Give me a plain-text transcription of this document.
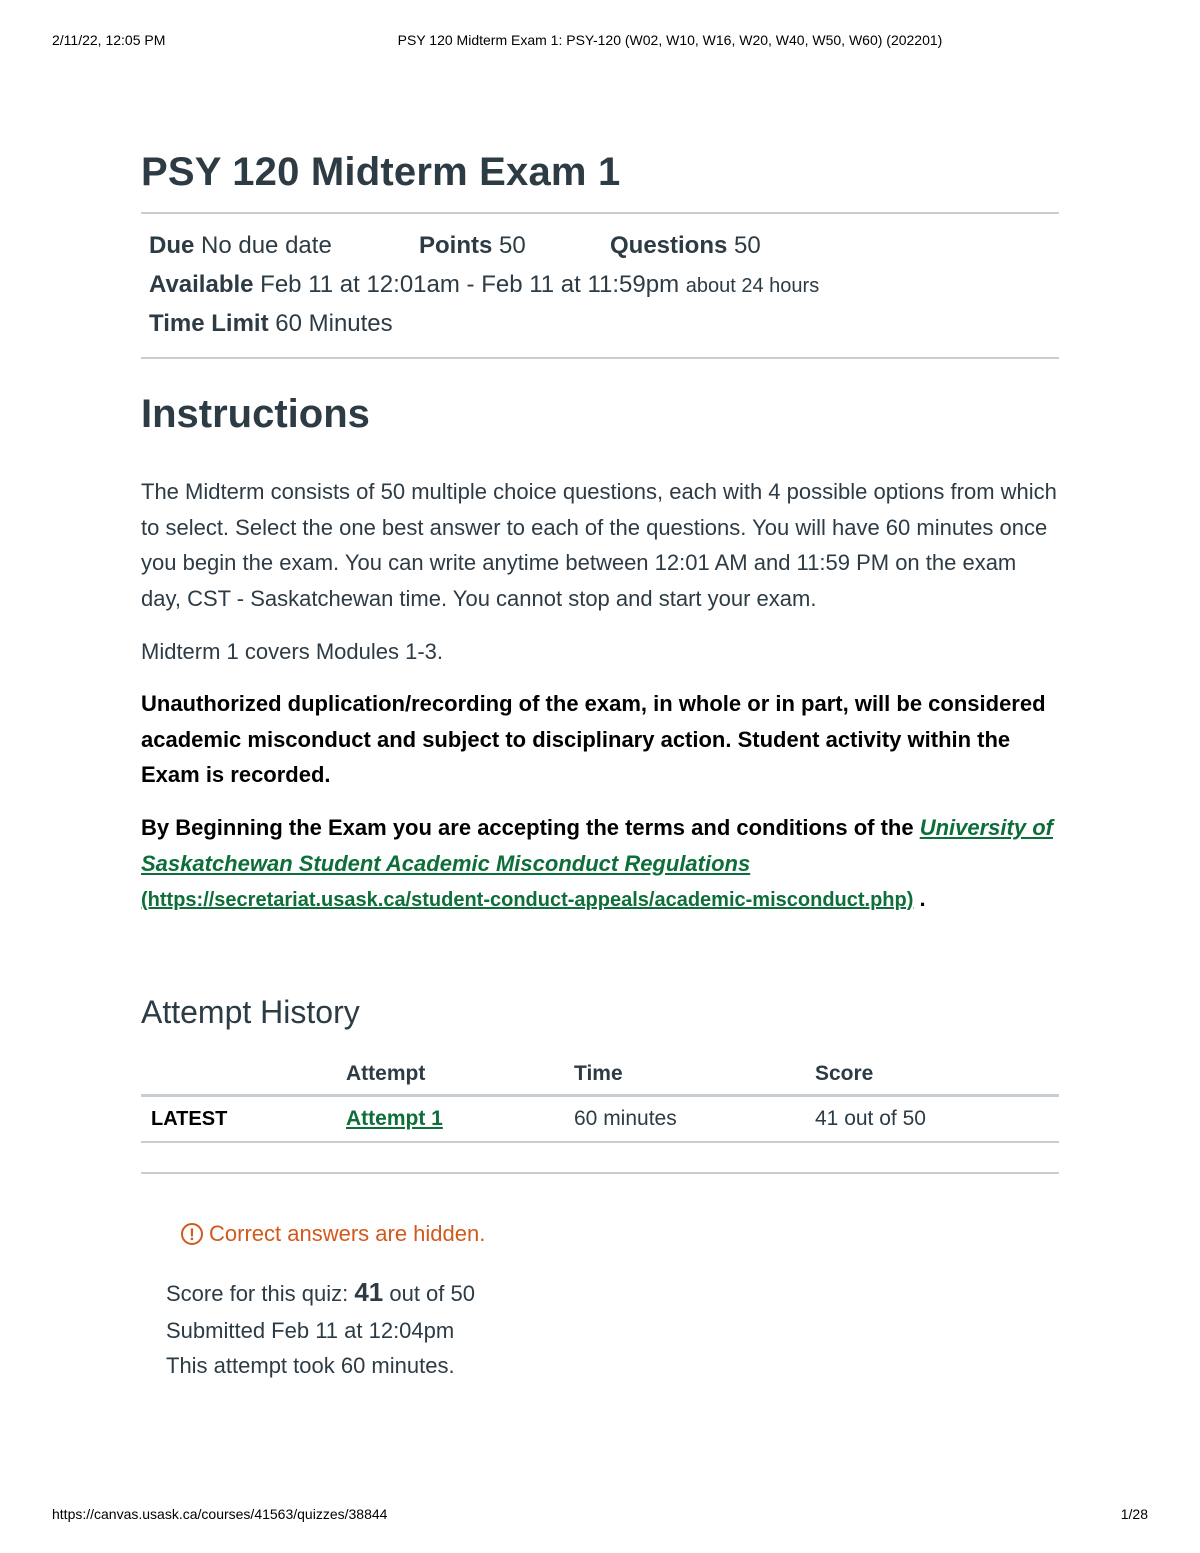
2/11/22, 12:05 PM	PSY 120 Midterm Exam 1: PSY-120 (W02, W10, W16, W20, W40, W50, W60) (202201)
PSY 120 Midterm Exam 1
Due No due date	Points 50	Questions 50
Available Feb 11 at 12:01am - Feb 11 at 11:59pm about 24 hours
Time Limit 60 Minutes
Instructions

The Midterm consists of 50 multiple choice questions, each with 4 possible options from which to select. Select the one best answer to each of the questions. You will have 60 minutes once you begin the exam. You can write anytime between 12:01 AM and 11:59 PM on the exam day, CST - Saskatchewan time. You cannot stop and start your exam.

Midterm 1 covers Modules 1-3.

Unauthorized duplication/recording of the exam, in whole or in part, will be considered academic misconduct and subject to disciplinary action. Student activity within the Exam is recorded.

By Beginning the Exam you are accepting the terms and conditions of the University of Saskatchewan Student Academic Misconduct Regulations
(https://secretariat.usask.ca/student-conduct-appeals/academic-misconduct.php) .

Attempt History
	Attempt	Time	Score
LATEST	Attempt 1	60 minutes	41 out of 50
! Correct answers are hidden.
Score for this quiz: 41 out of 50
Submitted Feb 11 at 12:04pm
This attempt took 60 minutes.
https://canvas.usask.ca/courses/41563/quizzes/38844	1/28
